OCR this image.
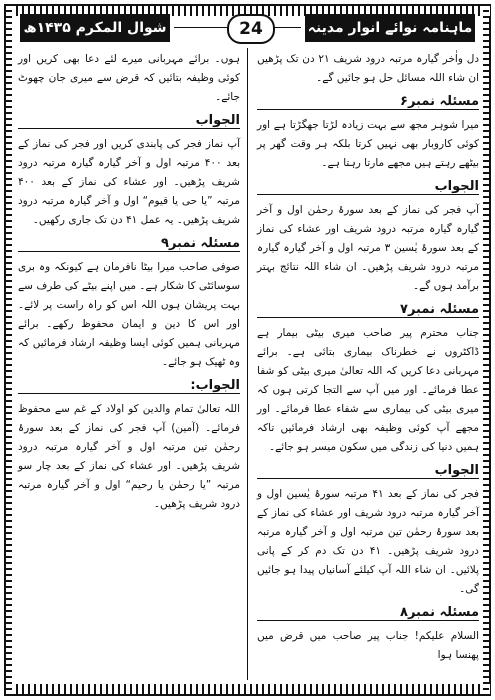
ماہنامہ نوائے انوار مدینہ
24
شوال المکرم ۱۴۳۵ھ

دل واٰخر گیارہ مرتبہ درود شریف ۲۱ دن تک پڑھیں ان شاء اللہ مسائل حل ہو جائیں گے۔

مسئلہ نمبر۶

میرا شوہر مجھ سے بہت زیادہ لڑتا جھگڑتا ہے اور کوئی کاروبار بھی نہیں کرتا بلکہ ہر وقت گھر پر بیٹھے رہتے ہیں مجھے مارتا رہتا ہے۔

الجواب

آپ فجر کی نماز کے بعد سورۂ رحمٰن اول و آخر گیارہ گیارہ مرتبہ درود شریف اور عشاء کی نماز کے بعد سورۂ یٰسین ۳ مرتبہ اول و آخر گیارہ گیارہ مرتبہ درود شریف پڑھیں۔ ان شاء اللہ نتائج بہتر برآمد ہوں گے۔

مسئلہ نمبر۷

جناب محترم پیر صاحب میری بیٹی بیمار ہے ڈاکٹروں نے خطرناک بیماری بتائی ہے۔ برائے مہربانی دعا کریں کہ اللہ تعالیٰ میری بیٹی کو شفا عطا فرمائے۔ اور میں آپ سے التجا کرتی ہوں کہ میری بیٹی کی بیماری سے شفاء عطا فرمائے۔ اور مجھے آپ کوئی وظیفہ بھی ارشاد فرمائیں تاکہ ہمیں دنیا کی زندگی میں سکون میسر ہو جائے۔

الجواب

فجر کی نماز کے بعد ۴۱ مرتبہ سورۂ یٰسین اول و آخر گیارہ مرتبہ درود شریف اور عشاء کی نماز کے بعد سورۂ رحمٰن تین مرتبہ اول و آخر گیارہ مرتبہ درود شریف پڑھیں۔ ۴۱ دن تک دم کر کے پانی پلائیں۔ ان شاء اللہ آپ کیلئے آسانیاں پیدا ہو جائیں گی۔

مسئلہ نمبر۸

السلام علیکم! جناب پیر صاحب میں قرض میں پھنسا ہوا

ہوں۔ برائے مہربانی میرے لئے دعا بھی کریں اور کوئی وظیفہ بتائیں کہ قرض سے میری جان چھوٹ جائے۔

الجواب

آپ نماز فجر کی پابندی کریں اور فجر کی نماز کے بعد ۴۰۰ مرتبہ اول و آخر گیارہ گیارہ مرتبہ درود شریف پڑھیں۔ اور عشاء کی نماز کے بعد ۴۰۰ مرتبہ ”یا حی یا قیوم“ اول و آخر گیارہ مرتبہ درود شریف پڑھیں۔ یہ عمل ۴۱ دن تک جاری رکھیں۔

مسئلہ نمبر۹

صوفی صاحب میرا بیٹا نافرمان ہے کیونکہ وہ بری سوسائٹی کا شکار ہے۔ میں اپنے بیٹے کی طرف سے بہت پریشان ہوں اللہ اس کو راہ راست پر لائے۔ اور اس کا دین و ایمان محفوظ رکھے۔ برائے مہربانی ہمیں کوئی ایسا وظیفہ ارشاد فرمائیں کہ وہ ٹھیک ہو جائے۔

الجواب:

اللہ تعالیٰ تمام والدین کو اولاد کے غم سے محفوظ فرمائے۔ (آمین) آپ فجر کی نماز کے بعد سورۂ رحمٰن تین مرتبہ اول و آخر گیارہ مرتبہ درود شریف پڑھیں۔ اور عشاء کی نماز کے بعد چار سو مرتبہ ”یا رحمٰن یا رحیم“ اول و آخر گیارہ مرتبہ درود شریف پڑھیں۔
